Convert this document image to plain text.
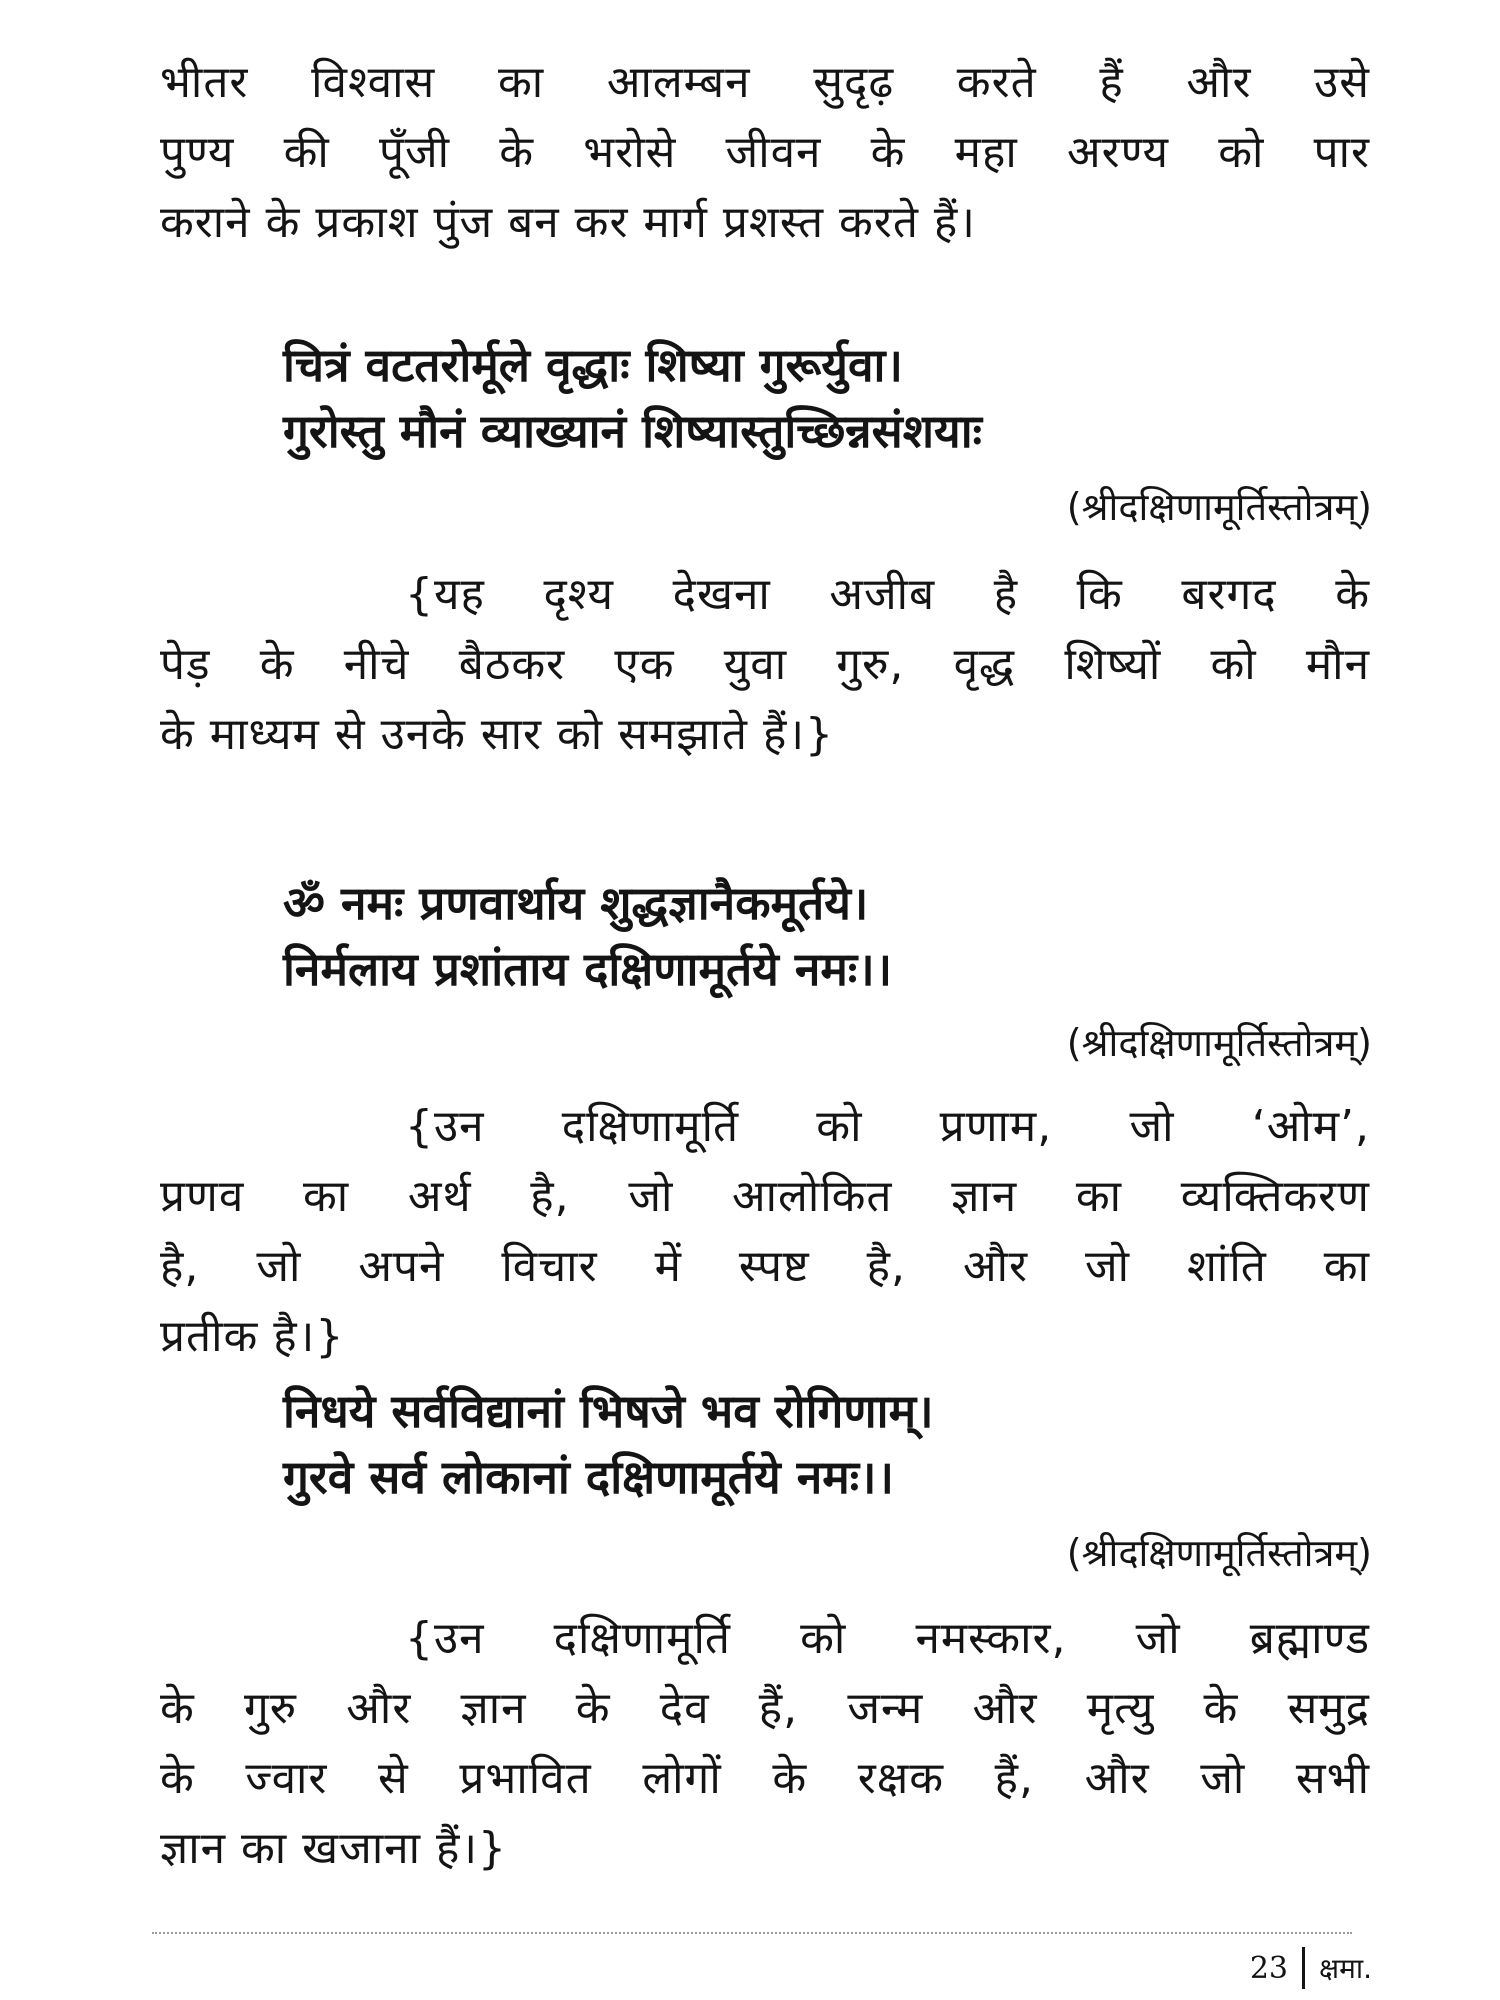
भीतर विश्वास का आलम्बन सुदृढ़ करते हैं और उसे
पुण्य की पूँजी के भरोसे जीवन के महा अरण्य को पार
कराने के प्रकाश पुंज बन कर मार्ग प्रशस्त करते हैं।
चित्रं वटतरोर्मूले वृद्धाः शिष्या गुरूर्युवा।
गुरोस्तु मौनं व्याख्यानं शिष्यास्तुच्छिन्नसंशयाः
(श्रीदक्षिणामूर्तिस्तोत्रम्)
{यह दृश्य देखना अजीब है कि बरगद के
पेड़ के नीचे बैठकर एक युवा गुरु, वृद्ध शिष्यों को मौन
के माध्यम से उनके सार को समझाते हैं।}
ॐ नमः प्रणवार्थाय शुद्धज्ञानैकमूर्तये।
निर्मलाय प्रशांताय दक्षिणामूर्तये नमः।।
(श्रीदक्षिणामूर्तिस्तोत्रम्)
{उन दक्षिणामूर्ति को प्रणाम, जो ‘ओम’,
प्रणव का अर्थ है, जो आलोकित ज्ञान का व्यक्तिकरण
है, जो अपने विचार में स्पष्ट है, और जो शांति का
प्रतीक है।}
निधये सर्वविद्यानां भिषजे भव रोगिणाम्।
गुरवे सर्व लोकानां दक्षिणामूर्तये नमः।।
(श्रीदक्षिणामूर्तिस्तोत्रम्)
{उन दक्षिणामूर्ति को नमस्कार, जो ब्रह्माण्ड
के गुरु और ज्ञान के देव हैं, जन्म और मृत्यु के समुद्र
के ज्वार से प्रभावित लोगों के रक्षक हैं, और जो सभी
ज्ञान का खजाना हैं।}
23	क्षमा.
